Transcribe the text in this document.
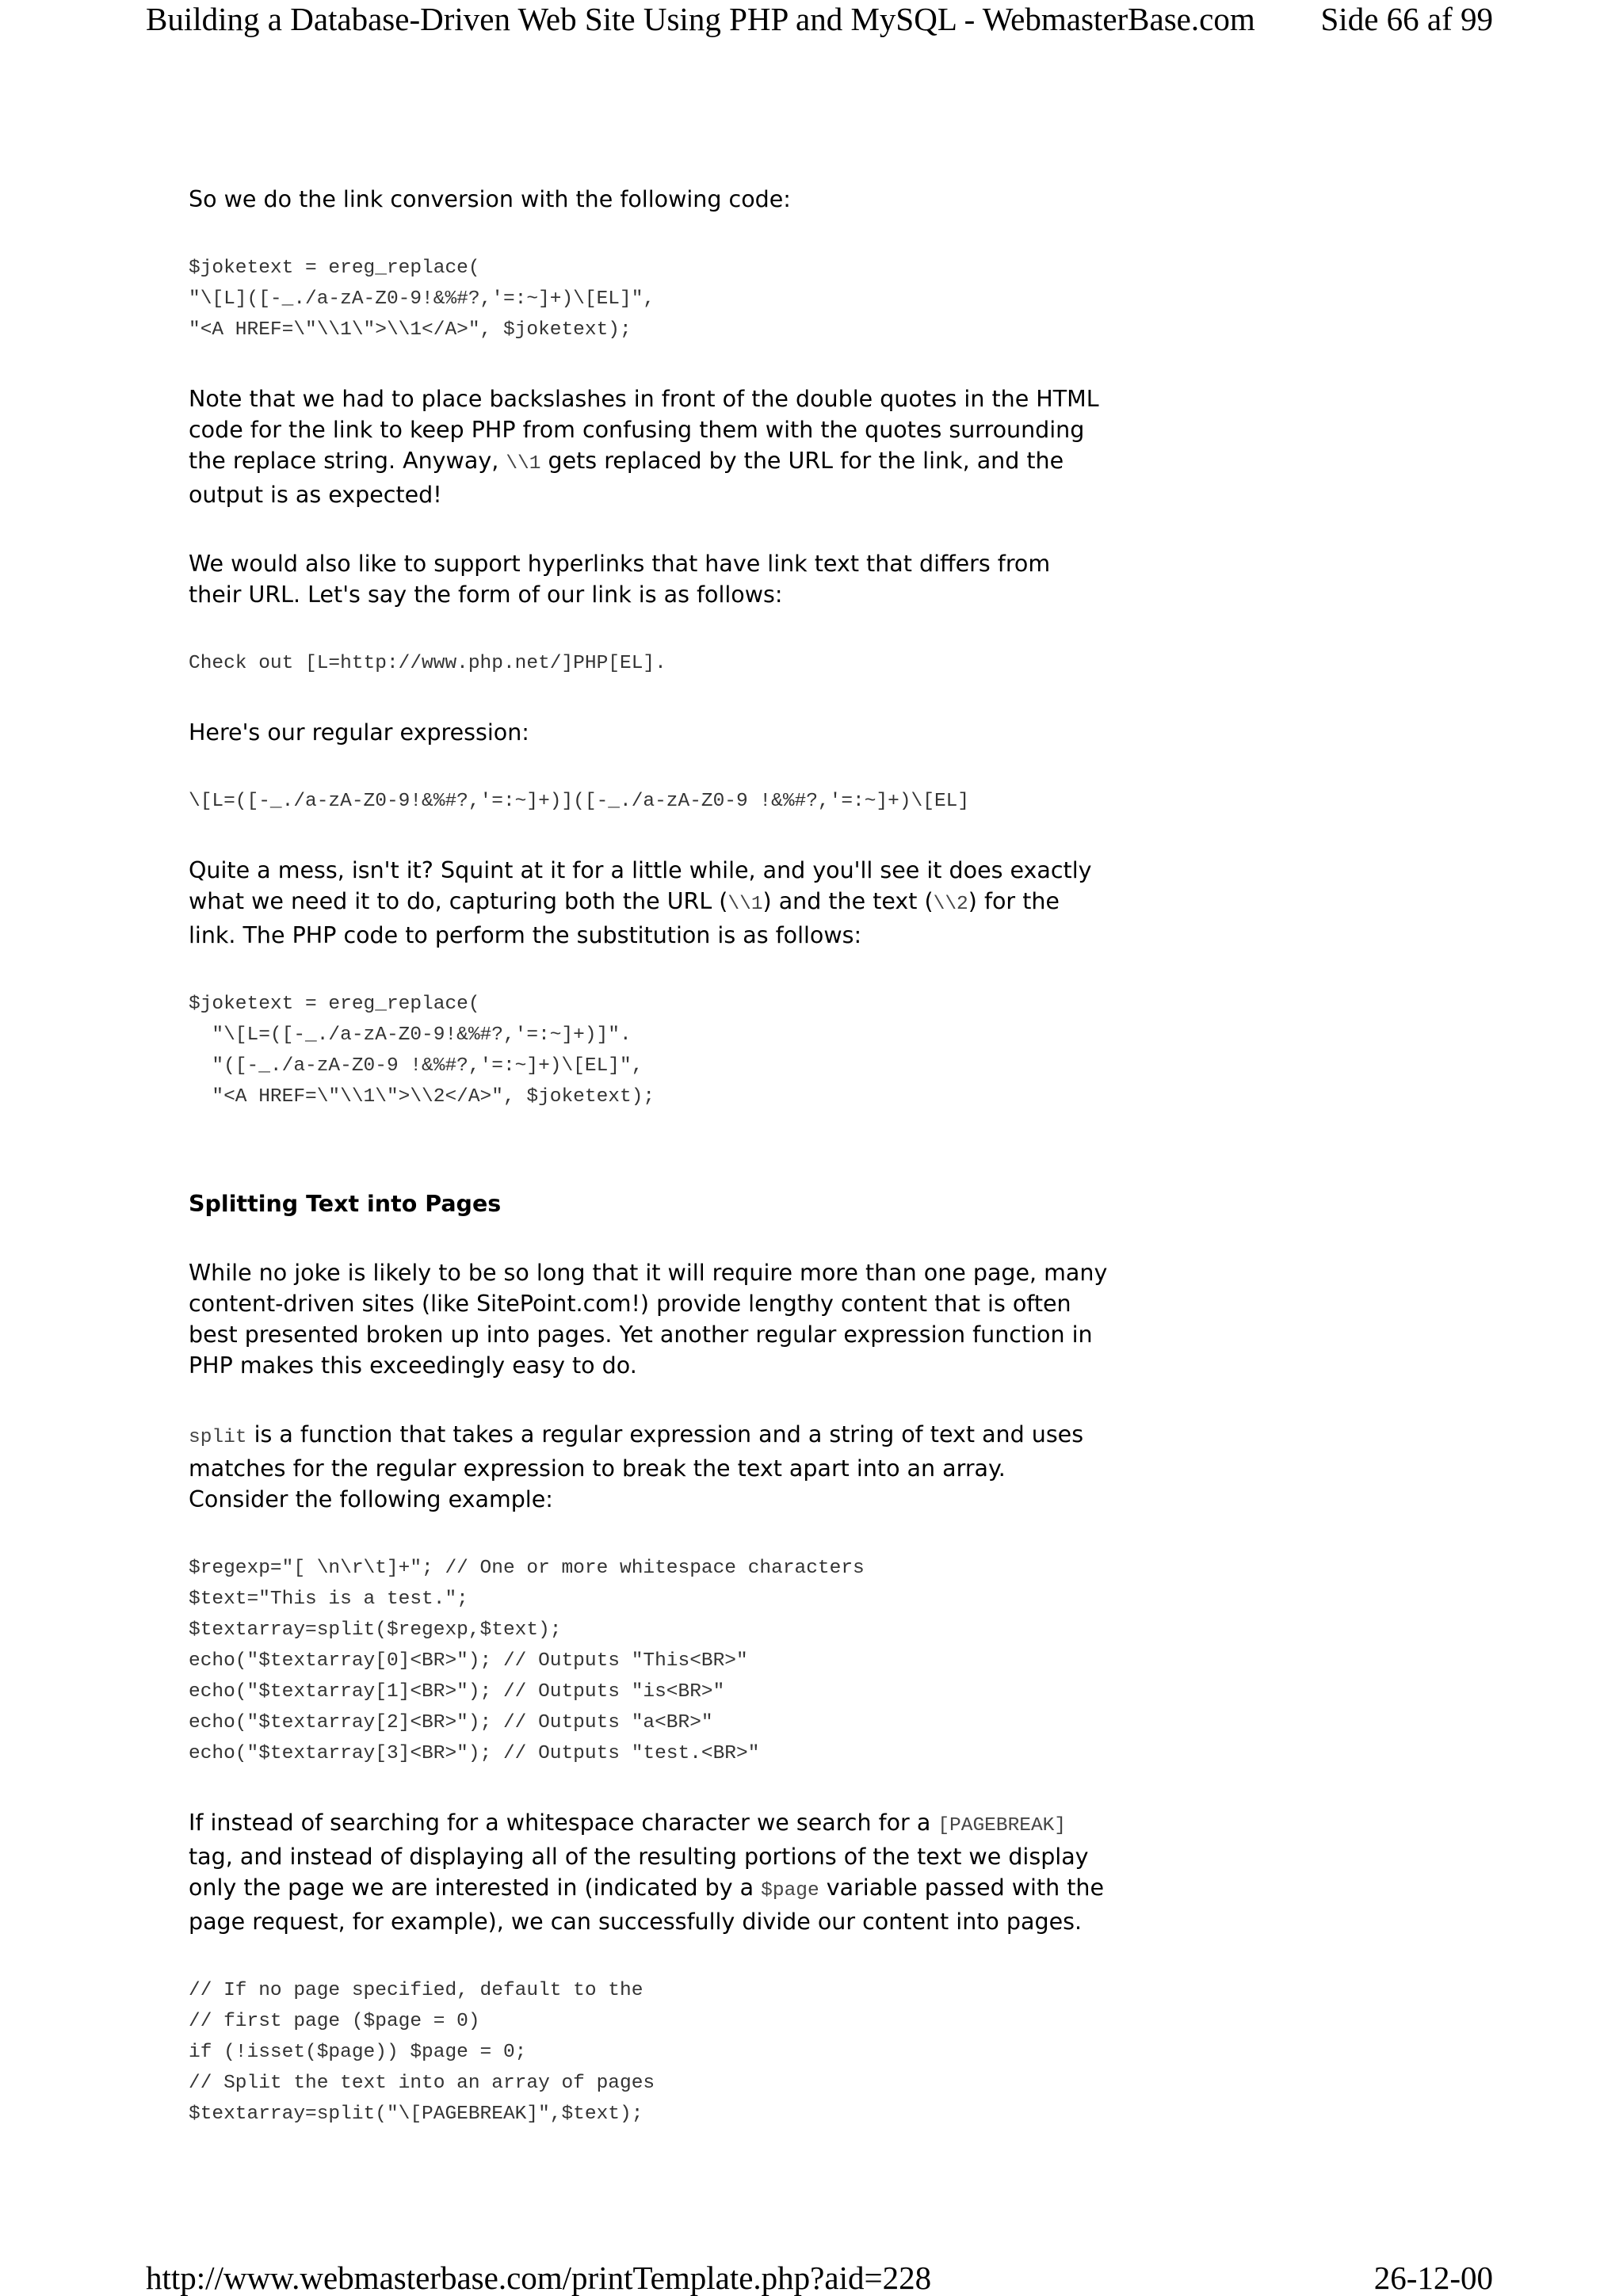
Building a Database-Driven Web Site Using PHP and MySQL - WebmasterBase.com Side 66 af 99

So we do the link conversion with the following code:

$joketext = ereg_replace(
"\[L]([-_./a-zA-Z0-9!&%#?,'=:~]+)\[EL]",
"<A HREF=\"\\1\">\\1</A>", $joketext);

Note that we had to place backslashes in front of the double quotes in the HTML code for the link to keep PHP from confusing them with the quotes surrounding the replace string. Anyway, \\1 gets replaced by the URL for the link, and the output is as expected!

We would also like to support hyperlinks that have link text that differs from their URL. Let's say the form of our link is as follows:

Check out [L=http://www.php.net/]PHP[EL].

Here's our regular expression:

\[L=([-_./a-zA-Z0-9!&%#?,'=:~]+)]([-_./a-zA-Z0-9 !&%#?,'=:~]+)\[EL]

Quite a mess, isn't it? Squint at it for a little while, and you'll see it does exactly what we need it to do, capturing both the URL (\\1) and the text (\\2) for the link. The PHP code to perform the substitution is as follows:

$joketext = ereg_replace(
"\[L=([-_./a-zA-Z0-9!&%#?,'=:~]+)]".
"([-_./a-zA-Z0-9 !&%#?,'=:~]+)\[EL]",
"<A HREF=\"\\1\">\\2</A>", $joketext);
Splitting Text into Pages

While no joke is likely to be so long that it will require more than one page, many content-driven sites (like SitePoint.com!) provide lengthy content that is often best presented broken up into pages. Yet another regular expression function in PHP makes this exceedingly easy to do.

split is a function that takes a regular expression and a string of text and uses matches for the regular expression to break the text apart into an array. Consider the following example:

$regexp="[ \n\r\t]+"; // One or more whitespace characters
$text="This is a test.";
$textarray=split($regexp,$text);
echo("$textarray[0]<BR>"); // Outputs "This<BR>"
echo("$textarray[1]<BR>"); // Outputs "is<BR>"
echo("$textarray[2]<BR>"); // Outputs "a<BR>"
echo("$textarray[3]<BR>"); // Outputs "test.<BR>"

If instead of searching for a whitespace character we search for a [PAGEBREAK] tag, and instead of displaying all of the resulting portions of the text we display only the page we are interested in (indicated by a $page variable passed with the page request, for example), we can successfully divide our content into pages.

// If no page specified, default to the
// first page ($page = 0)
if (!isset($page)) $page = 0;
// Split the text into an array of pages
$textarray=split("\[PAGEBREAK]",$text);
http://www.webmasterbase.com/printTemplate.php?aid=228	26-12-00
